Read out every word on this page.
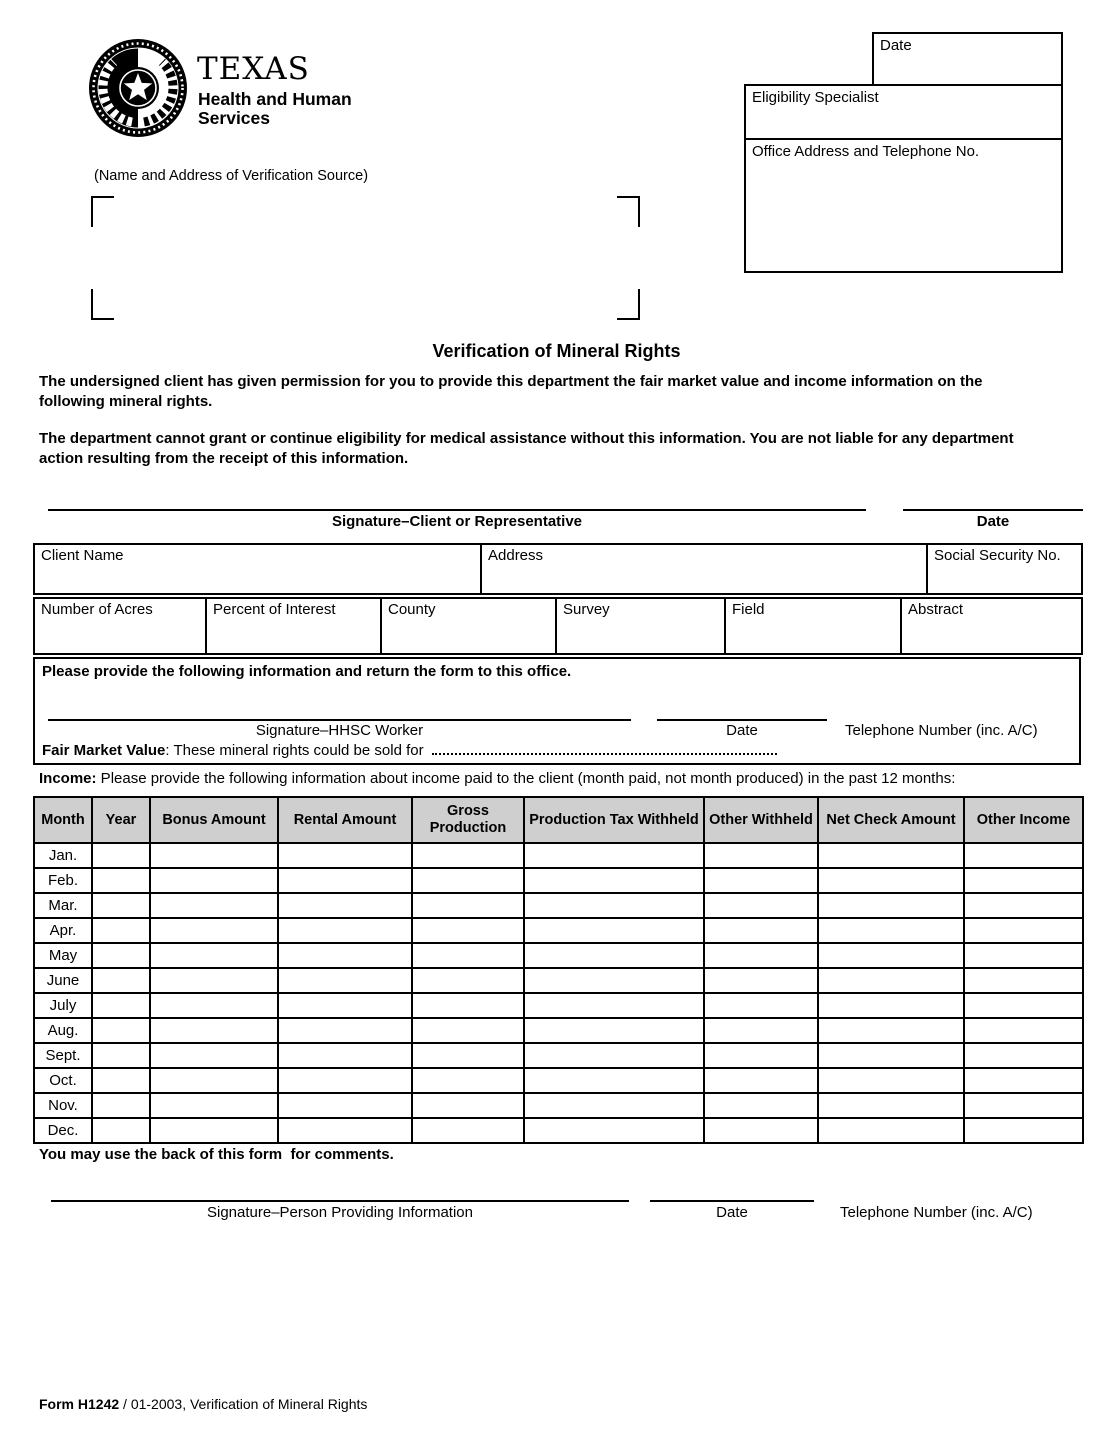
TEXAS
Health and Human
Services
Date
Eligibility Specialist
Office Address and Telephone No.
(Name and Address of Verification Source)
Verification of Mineral Rights

The undersigned client has given permission for you to provide this department the fair market value and income information on the following mineral rights.

The department cannot grant or continue eligibility for medical assistance without this information. You are not liable for any department action resulting from the receipt of this information.

Signature–Client or Representative	Date
Client Name	Address	Social Security No.
Number of Acres	Percent of Interest	County	Survey	Field	Abstract
Please provide the following information and return the form to this office.
Signature–HHSC Worker	Date	Telephone Number (inc. A/C)
Fair Market Value: These mineral rights could be sold for
Income: Please provide the following information about income paid to the client (month paid, not month produced) in the past 12 months:
Month	Year	Bonus Amount	Rental Amount	Gross Production	Production Tax Withheld	Other Withheld	Net Check Amount	Other Income
Jan.								
Feb.								
Mar.								
Apr.								
May								
June								
July								
Aug.								
Sept.								
Oct.								
Nov.								
Dec.								
You may use the back of this form  for comments.
Signature–Person Providing Information	Date	Telephone Number (inc. A/C)
Form H1242 / 01-2003, Verification of Mineral Rights
